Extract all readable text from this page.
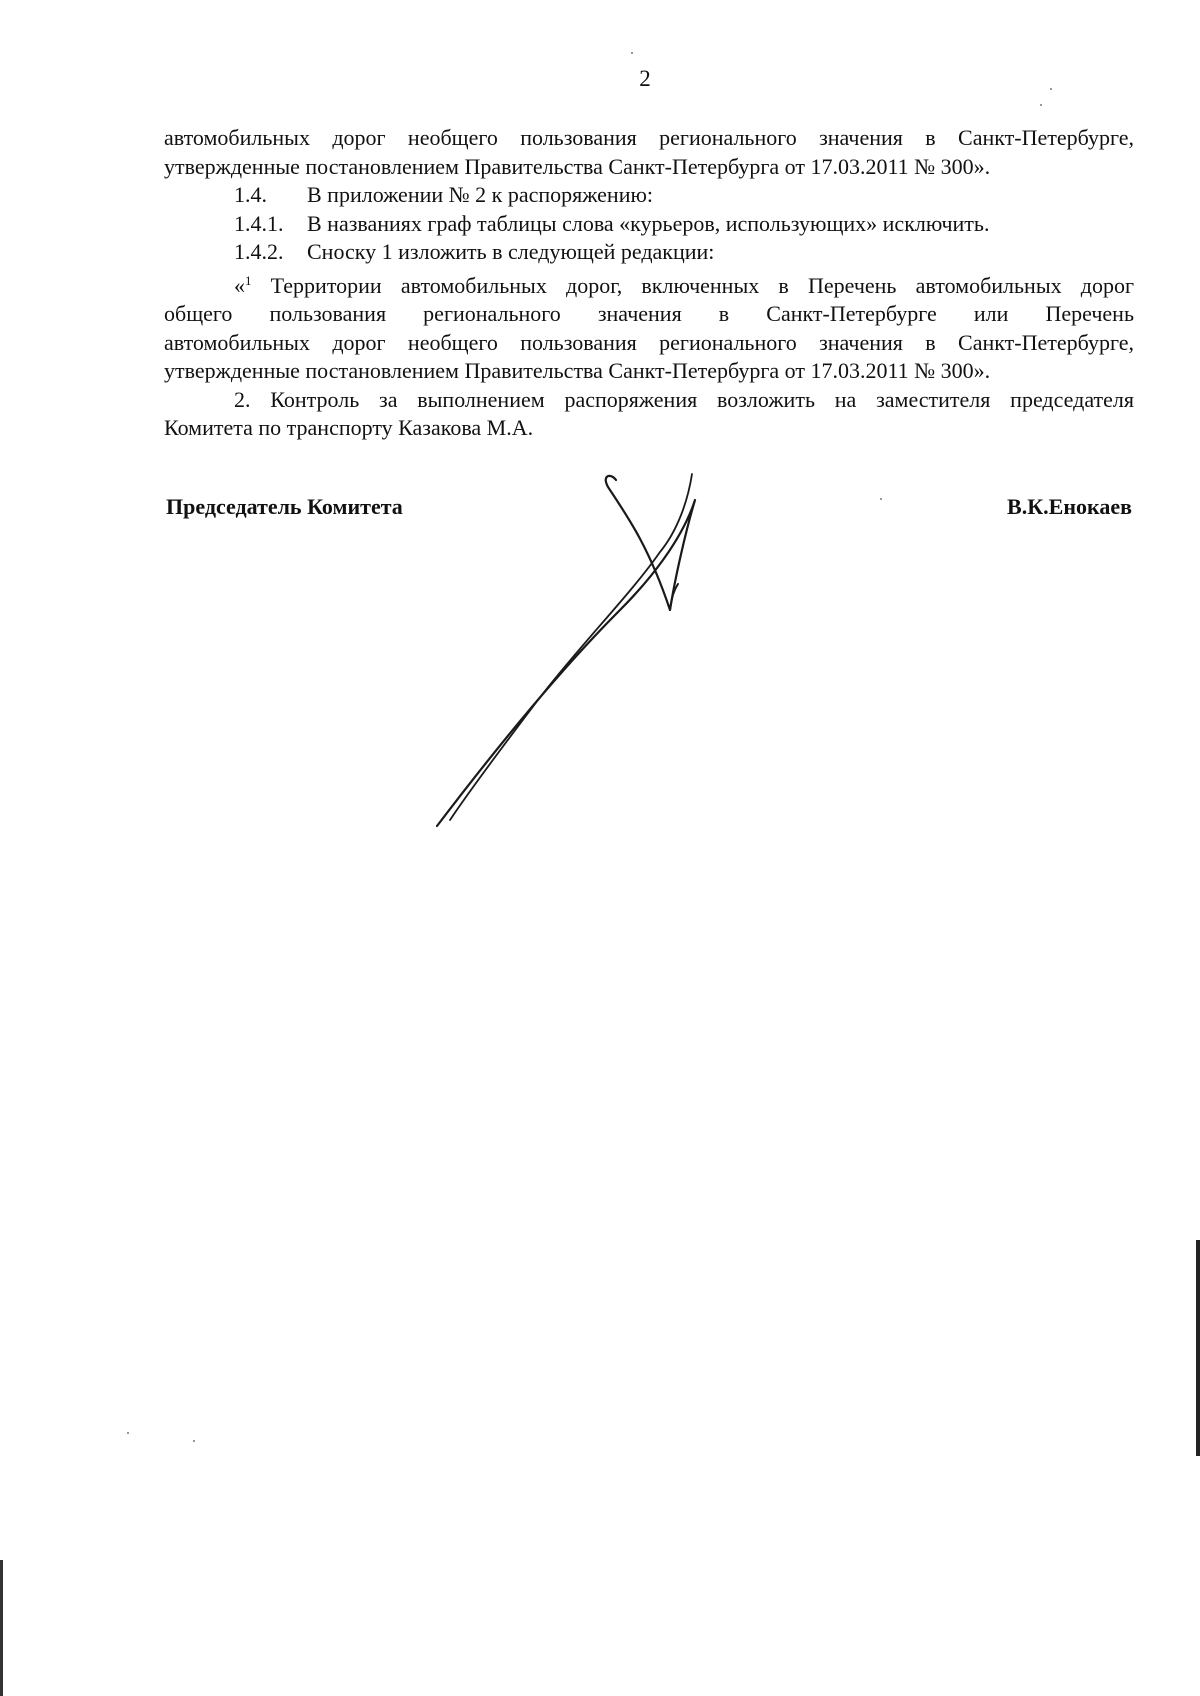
2

автомобильных дорог необщего пользования регионального значения в Санкт-Петербурге,

утвержденные постановлением Правительства Санкт-Петербурга от 17.03.2011 № 300».

1.4. В приложении № 2 к распоряжению:

1.4.1. В названиях граф таблицы слова «курьеров, использующих» исключить.

1.4.2. Сноску 1 изложить в следующей редакции:

«$^1$ Территории автомобильных дорог, включенных в Перечень автомобильных дорог

общего пользования регионального значения в Санкт-Петербурге или Перечень

автомобильных дорог необщего пользования регионального значения в Санкт-Петербурге,

утвержденные постановлением Правительства Санкт-Петербурга от 17.03.2011 № 300».

2. Контроль за выполнением распоряжения возложить на заместителя председателя

Комитета по транспорту Казакова М.А.

Председатель Комитета	В.К.Енокаев
